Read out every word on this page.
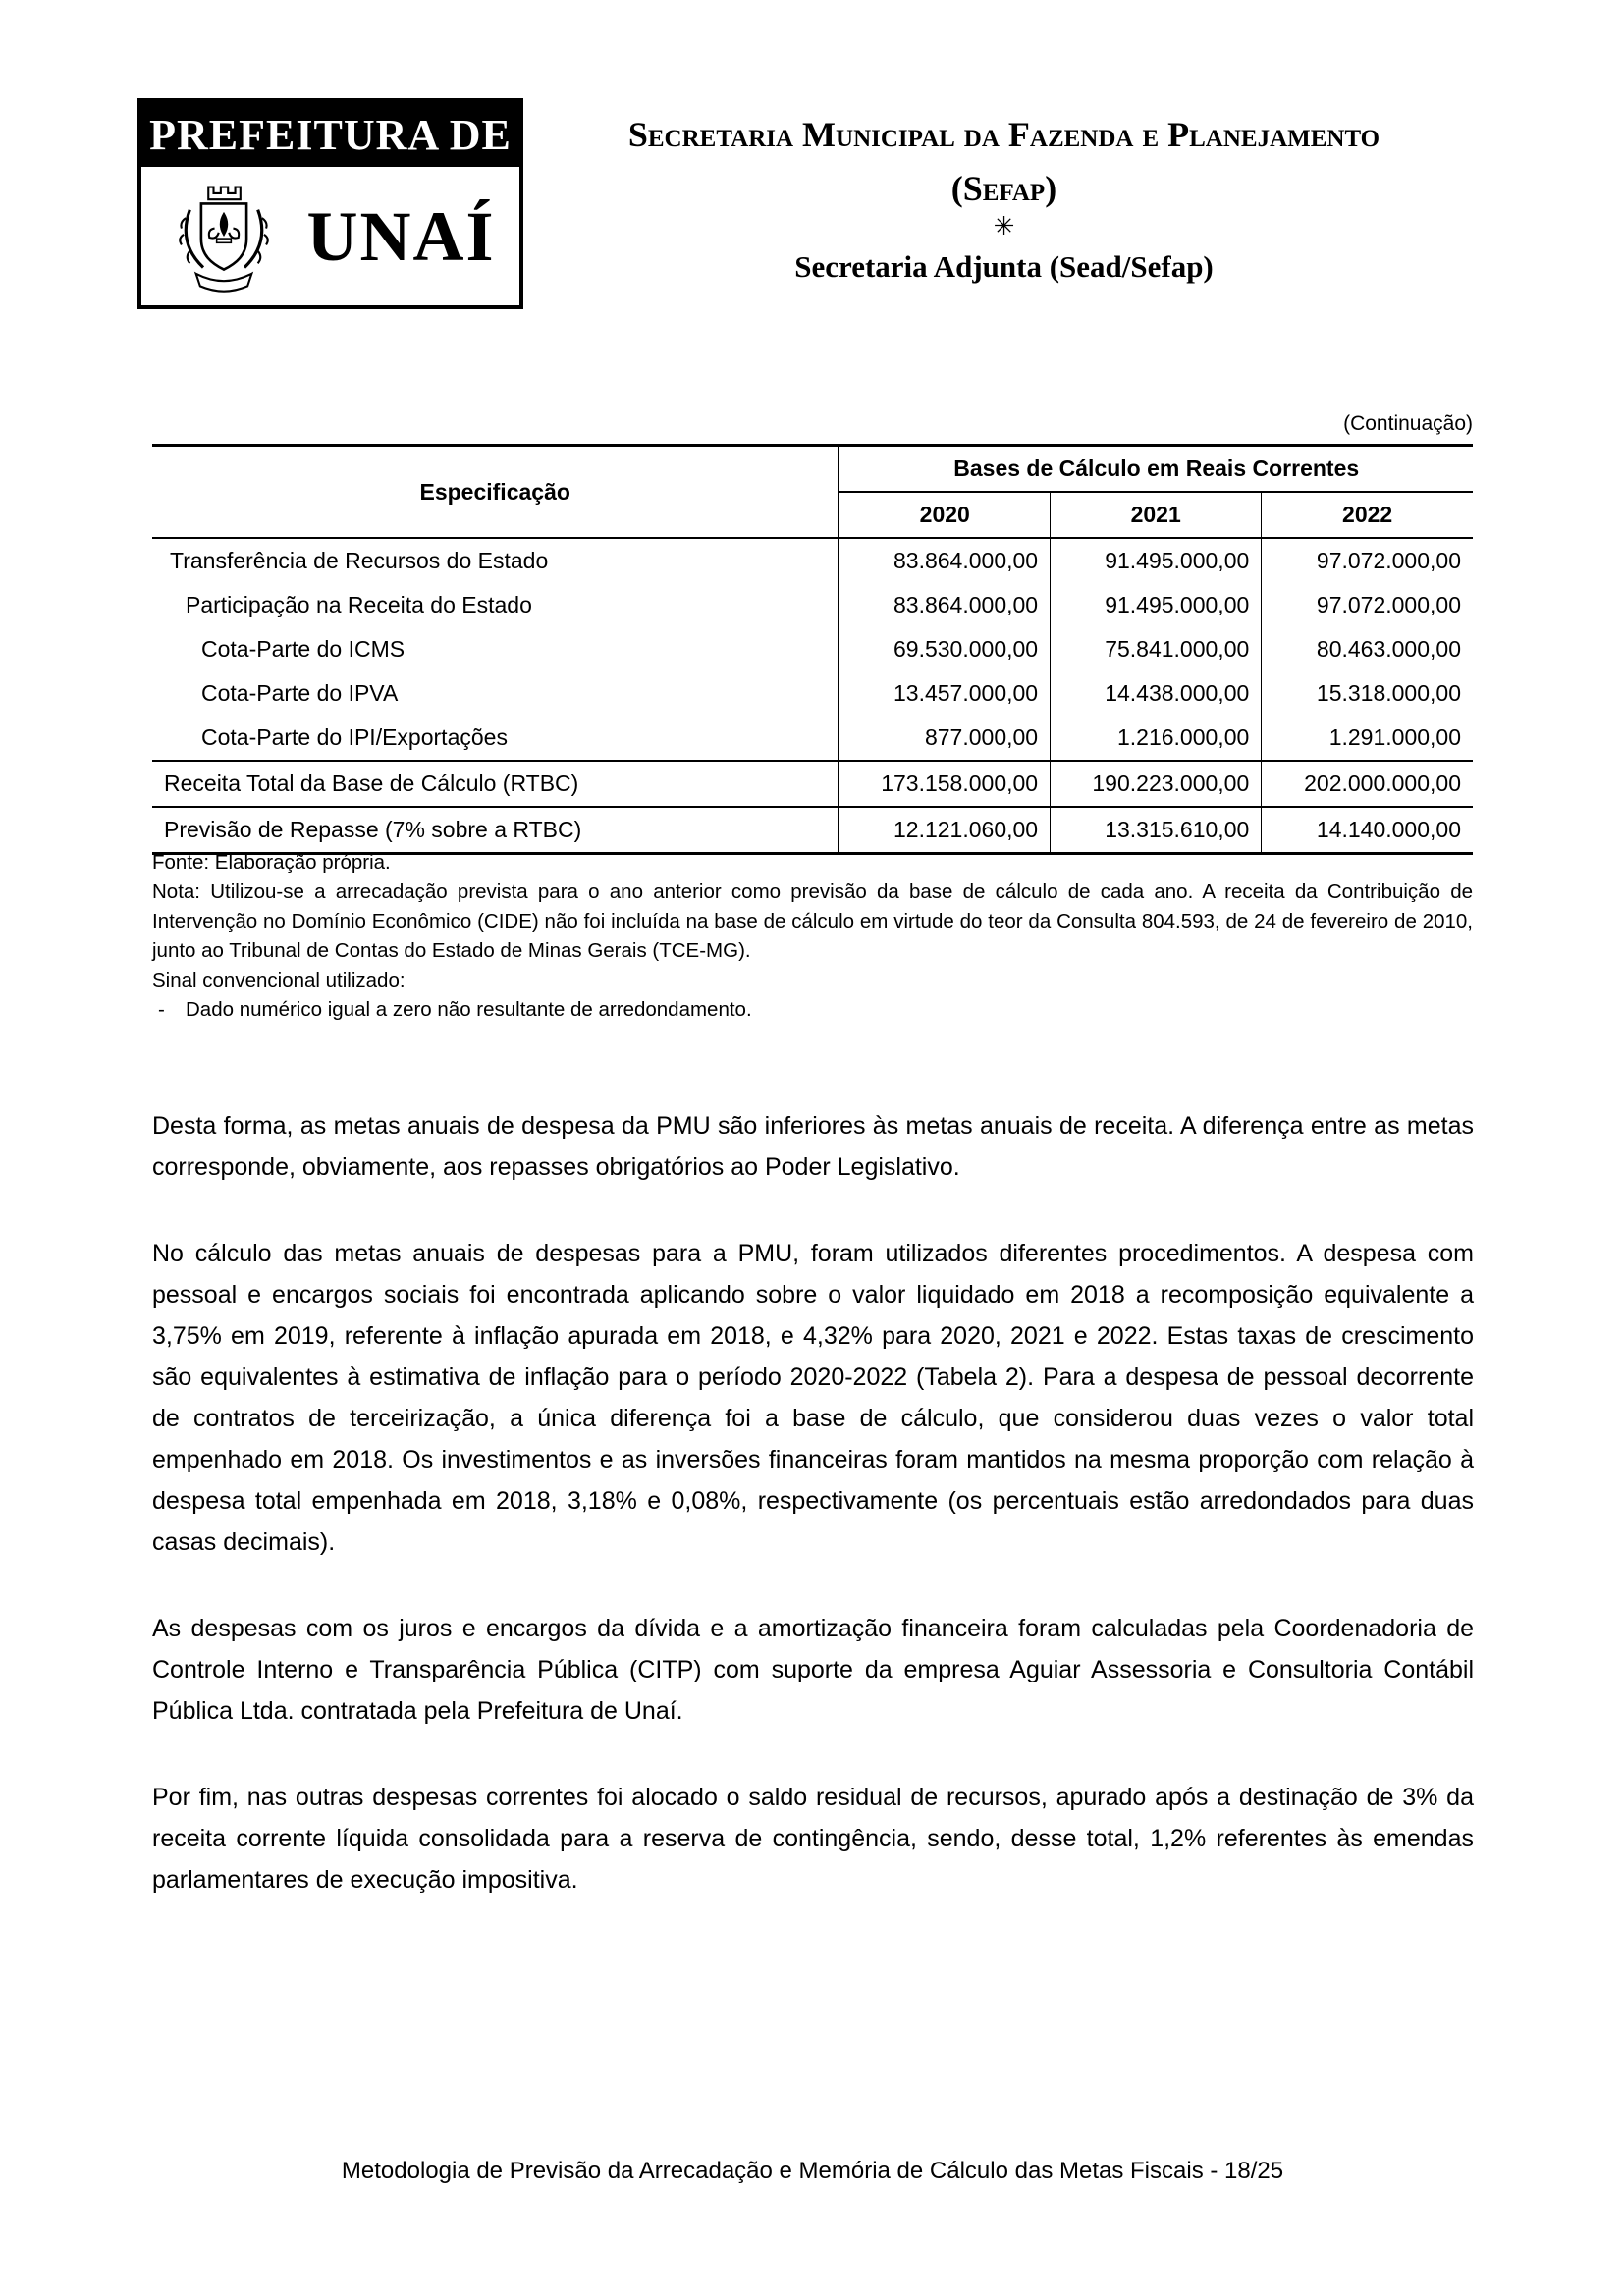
PREFEITURA DE
UNAÍ
Secretaria Municipal da Fazenda e Planejamento
(Sefap)
✳
Secretaria Adjunta (Sead/Sefap)
(Continuação)
Especificação	Bases de Cálculo em Reais Correntes		
	2020	2021	2022
Transferência de Recursos do Estado	83.864.000,00	91.495.000,00	97.072.000,00
Participação na Receita do Estado	83.864.000,00	91.495.000,00	97.072.000,00
Cota-Parte do ICMS	69.530.000,00	75.841.000,00	80.463.000,00
Cota-Parte do IPVA	13.457.000,00	14.438.000,00	15.318.000,00
Cota-Parte do IPI/Exportações	877.000,00	1.216.000,00	1.291.000,00
Receita Total da Base de Cálculo (RTBC)	173.158.000,00	190.223.000,00	202.000.000,00
Previsão de Repasse (7% sobre a RTBC)	12.121.060,00	13.315.610,00	14.140.000,00
Fonte: Elaboração própria.
Nota: Utilizou-se a arrecadação prevista para o ano anterior como previsão da base de cálculo de cada ano. A receita da Contribuição de Intervenção no Domínio Econômico (CIDE) não foi incluída na base de cálculo em virtude do teor da Consulta 804.593, de 24 de fevereiro de 2010, junto ao Tribunal de Contas do Estado de Minas Gerais (TCE-MG).
Sinal convencional utilizado:
-	Dado numérico igual a zero não resultante de arredondamento.

Desta forma, as metas anuais de despesa da PMU são inferiores às metas anuais de receita. A diferença entre as metas corresponde, obviamente, aos repasses obrigatórios ao Poder Legislativo.

No cálculo das metas anuais de despesas para a PMU, foram utilizados diferentes procedimentos. A despesa com pessoal e encargos sociais foi encontrada aplicando sobre o valor liquidado em 2018 a recomposição equivalente a 3,75% em 2019, referente à inflação apurada em 2018, e 4,32% para 2020, 2021 e 2022. Estas taxas de crescimento são equivalentes à estimativa de inflação para o período 2020-2022 (Tabela 2). Para a despesa de pessoal decorrente de contratos de terceirização, a única diferença foi a base de cálculo, que considerou duas vezes o valor total empenhado em 2018. Os investimentos e as inversões financeiras foram mantidos na mesma proporção com relação à despesa total empenhada em 2018, 3,18% e 0,08%, respectivamente (os percentuais estão arredondados para duas casas decimais).

As despesas com os juros e encargos da dívida e a amortização financeira foram calculadas pela Coordenadoria de Controle Interno e Transparência Pública (CITP) com suporte da empresa Aguiar Assessoria e Consultoria Contábil Pública Ltda. contratada pela Prefeitura de Unaí.

Por fim, nas outras despesas correntes foi alocado o saldo residual de recursos, apurado após a destinação de 3% da receita corrente líquida consolidada para a reserva de contingência, sendo, desse total, 1,2% referentes às emendas parlamentares de execução impositiva.

Metodologia de Previsão da Arrecadação e Memória de Cálculo das Metas Fiscais - 18/25
